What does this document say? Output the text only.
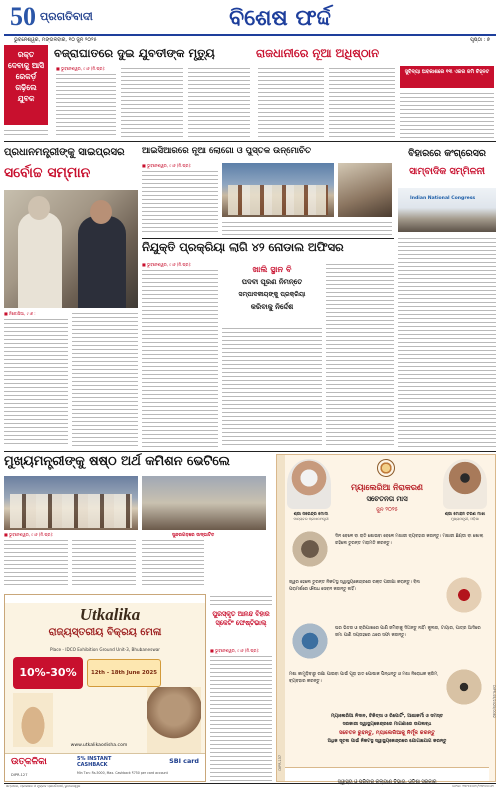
50 ପ୍ରଗତିବାଦୀ	ବିଶେଷ ଫର୍ଦ୍ଦ
ଭୁବନେଶ୍ୱର, ମଙ୍ଗଳବାର, ୧୦ ଜୁନ ୨୦୨୫	ପୃଷ୍ଠା : ୭
ରକ୍ତ ଦେବାକୁ ଆସି ରେକର୍ଡ଼ ଗଢ଼ିଲେ ଯୁବକ
ବଜ୍ରାଘାତରେ ଦୁଇ ଯୁବତୀଙ୍କ ମୃତ୍ୟୁ
■ ଭୁବନେଶ୍ୱର, ୯।୬ (ନି.ପ୍ର):
ରାଜଧାନୀରେ ନୂଆ ଅଧିଷ୍ଠାନ
ସୁବିଦ୍ୟା ଅବକାଶରେ ୧୩ ଏକର ଜମି ଚିହ୍ନଟ
ପ୍ରଧାନମନ୍ତ୍ରୀଙ୍କୁ ସାଇପ୍ରସର
ସର୍ବୋଚ୍ଚ ସମ୍ମାନ
■ ନିକୋସିଆ, ୯।୬ :
ଆଇସିଆରରେ ନୂଆ ଲୋଗୋ ଓ ପୁସ୍ତକ ଉନ୍ମୋଚିତ
■ ଭୁବନେଶ୍ୱର, ୯।୬ (ନି.ପ୍ର):
ବିହାରରେ କଂଗ୍ରେସର
ସାମ୍ବାଦିକ ସମ୍ମିଳନୀ
Indian National Congress
ନିଯୁକ୍ତି ପ୍ରକ୍ରିୟା ଲାଗି ୪୨ ନୋଡାଲ ଅଫିସର
■ ଭୁବନେଶ୍ୱର, ୯।୬ (ନି.ପ୍ର):	ଖାଲି ସ୍ଥାନ ବି
ପଦବୀ ପୂରଣ ନିମନ୍ତେ
ସମ୍ପାଦକୀୟଙ୍କୁ ପ୍ରକ୍ରିୟା
କରିବାକୁ ନିର୍ଦ୍ଦେଶ
ମୁଖ୍ୟମନ୍ତ୍ରୀଙ୍କୁ ଷଷ୍ଠ ଅର୍ଥ କମିଶନ ଭେଟିଲେ
ସୁନ୍ଦରଗଡ଼ରେ ଉଦ୍‌ଘାଟିତ
■ ଭୁବନେଶ୍ୱର, ୯।୬ (ନି.ପ୍ର):
Utkalika
ରାଜ୍ୟସ୍ତରୀୟ ବିକ୍ରୟ ମେଳା
Place - IDCO Exhibition Ground Unit-3, Bhubaneswar
10%-30%	12th - 18th June 2025
www.utkalikaodisha.com
ଉତ୍କଳିକା	5% INSTANT CASHBACK	SBI card
Min Txn: Rs.5000, Max. Cashback ₹750 per card account
DIPR-127
ପୁରସ୍କୃତ ଆନନ୍ଦ ବିହାର ସ୍କେଟିଂ ଫେଷ୍ଟିଭାଲ୍
■ ଭୁବନେଶ୍ୱର, ୯।୬ (ନି.ପ୍ର):
DIPR-137
DIPR-05/2025/0082
ଶ୍ରୀ ନରେନ୍ଦ୍ର ମୋଦୀ
ମାନ୍ୟବର ପ୍ରଧାନମନ୍ତ୍ରୀ
ମ୍ୟାଲେରିଆ ନିରାକରଣ
ସଚେତନତା ମାସ
ଜୁନ ୨୦୨୫
ଶ୍ରୀ ମୋହନ ଚରଣ ମାଝୀ
ମୁଖ୍ୟମନ୍ତ୍ରୀ, ଓଡ଼ିଶା
ଦିନ ବେଳେ ବା ରାତି ଶୋଇବା ବେଳେ ମଶାରୀ ବ୍ୟବହାର କରନ୍ତୁ। ମଶାରୀ ଛିଣ୍ଡା ବା ଖୋଲା ରହିଲେ ତୁରନ୍ତ ମରାମତି କରନ୍ତୁ।
ଜ୍ୱର ହେଲେ ତୁରନ୍ତ ନିକଟସ୍ଥ ସ୍ୱାସ୍ଥ୍ୟକେନ୍ଦ୍ରରେ ରକ୍ତ ପରୀକ୍ଷା କରାନ୍ତୁ। ବିନା ପରାମର୍ଶରେ ଔଷଧ ସେବନ କରନ୍ତୁ ନାହିଁ।
ଘର ଭିତର ଓ ଚାରିପାଖରେ ପାଣି ଜମିବାକୁ ଦିଅନ୍ତୁ ନାହିଁ। କୁଲର, ଟାୟାର, ପାତ୍ର ଆଦିରେ ଜମା ପାଣି ସପ୍ତାହରେ ଥରେ ସଫା କରନ୍ତୁ।
ମଶା କାମୁଡ଼ିବାରୁ ରକ୍ଷା ପାଇବା ପାଇଁ ପୂରା ହାତ ପୋଷାକ ପିନ୍ଧନ୍ତୁ ଓ ମଶା ନିରୋଧକ କ୍ରିମ୍ ବ୍ୟବହାର କରନ୍ତୁ।
ମ୍ୟାଲେରିଆ ନିଦାନ, ଚିକିତ୍ସା ଓ ରିପୋର୍ଟିଂ, ଆଶାକର୍ମୀ ଓ ସମସ୍ତ
ସରକାରୀ ସ୍ୱାସ୍ଥ୍ୟକେନ୍ଦ୍ରରେ ମାଗଣାରେ ଉପଲବ୍ଧ
ସଚେତନ ରୁହନ୍ତୁ, ମ୍ୟାଲେରିଆକୁ ନିର୍ମୂଳ କରନ୍ତୁ
ଅଧିକ ସୂଚନା ପାଇଁ ନିକଟସ୍ଥ ସ୍ୱାସ୍ଥ୍ୟକେନ୍ଦ୍ରରେ ଯୋଗାଯୋଗ କରନ୍ତୁ
ସମ୍ପାଦକ, ପ୍ରକାଶକ ଓ ମୁଦ୍ରକ ପ୍ରଗତିବାଦୀ, ଭୁବନେଶ୍ୱର	ଫୋନ: ୨୩୯୫୫୦୧୮/୨୩୯୫୫୦୬୨
